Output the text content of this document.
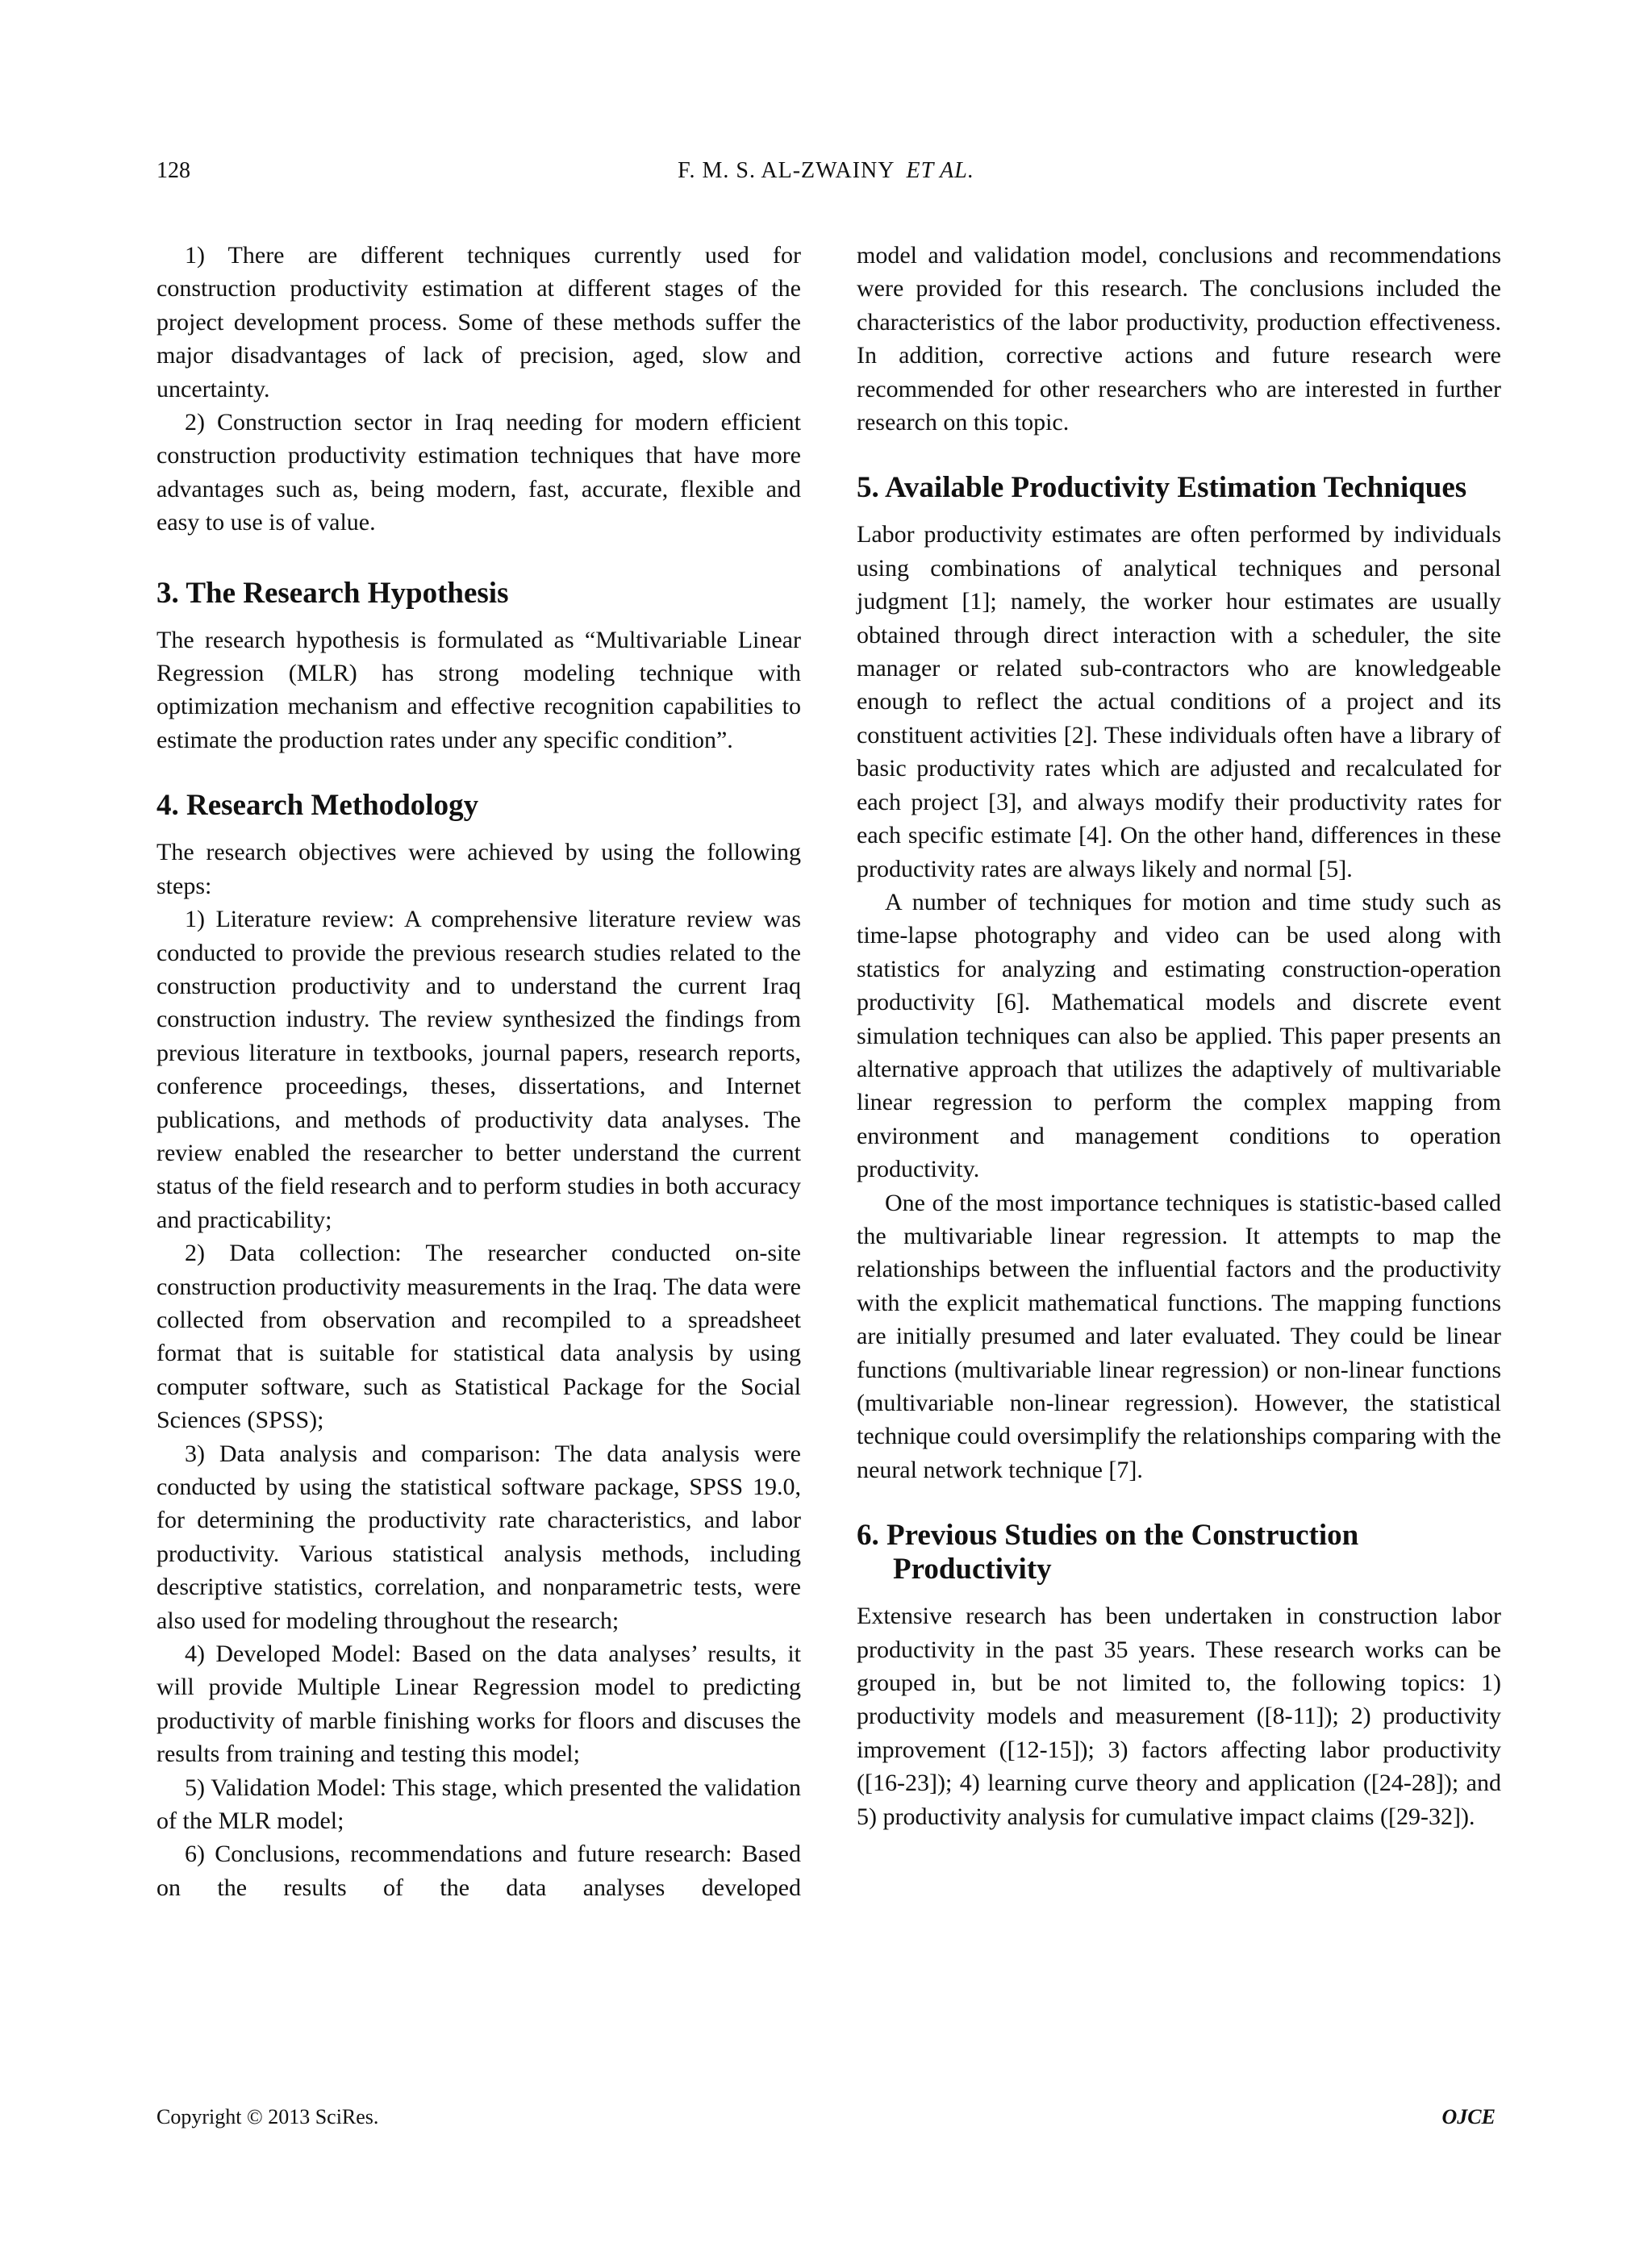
128	F. M. S. AL-ZWAINY ET AL.

1) There are different techniques currently used for construction productivity estimation at different stages of the project development process. Some of these methods suffer the major disadvantages of lack of precision, aged, slow and uncertainty.

2) Construction sector in Iraq needing for modern efficient construction productivity estimation techniques that have more advantages such as, being modern, fast, accurate, flexible and easy to use is of value.

3. The Research Hypothesis

The research hypothesis is formulated as “Multivariable Linear Regression (MLR) has strong modeling technique with optimization mechanism and effective recognition capabilities to estimate the production rates under any specific condition”.

4. Research Methodology

The research objectives were achieved by using the following steps:

1) Literature review: A comprehensive literature review was conducted to provide the previous research studies related to the construction productivity and to understand the current Iraq construction industry. The review synthesized the findings from previous literature in textbooks, journal papers, research reports, conference proceedings, theses, dissertations, and Internet publications, and methods of productivity data analyses. The review enabled the researcher to better understand the current status of the field research and to perform studies in both accuracy and practicability;

2) Data collection: The researcher conducted on-site construction productivity measurements in the Iraq. The data were collected from observation and recompiled to a spreadsheet format that is suitable for statistical data analysis by using computer software, such as Statistical Package for the Social Sciences (SPSS);

3) Data analysis and comparison: The data analysis were conducted by using the statistical software package, SPSS 19.0, for determining the productivity rate characteristics, and labor productivity. Various statistical analysis methods, including descriptive statistics, correlation, and nonparametric tests, were also used for modeling throughout the research;

4) Developed Model: Based on the data analyses’ results, it will provide Multiple Linear Regression model to predicting productivity of marble finishing works for floors and discuses the results from training and testing this model;

5) Validation Model: This stage, which presented the validation of the MLR model;

6) Conclusions, recommendations and future research: Based on the results of the data analyses developed

model and validation model, conclusions and recommendations were provided for this research. The conclusions included the characteristics of the labor productivity, production effectiveness. In addition, corrective actions and future research were recommended for other researchers who are interested in further research on this topic.

5. Available Productivity Estimation Techniques

Labor productivity estimates are often performed by individuals using combinations of analytical techniques and personal judgment [1]; namely, the worker hour estimates are usually obtained through direct interaction with a scheduler, the site manager or related sub-contractors who are knowledgeable enough to reflect the actual conditions of a project and its constituent activities [2]. These individuals often have a library of basic productivity rates which are adjusted and recalculated for each project [3], and always modify their productivity rates for each specific estimate [4]. On the other hand, differences in these productivity rates are always likely and normal [5].

A number of techniques for motion and time study such as time-lapse photography and video can be used along with statistics for analyzing and estimating construction-operation productivity [6]. Mathematical models and discrete event simulation techniques can also be applied. This paper presents an alternative approach that utilizes the adaptively of multivariable linear regression to perform the complex mapping from environment and management conditions to operation productivity.

One of the most importance techniques is statistic-based called the multivariable linear regression. It attempts to map the relationships between the influential factors and the productivity with the explicit mathematical functions. The mapping functions are initially presumed and later evaluated. They could be linear functions (multivariable linear regression) or non-linear functions (multivariable non-linear regression). However, the statistical technique could oversimplify the relationships comparing with the neural network technique [7].

6. Previous Studies on the Construction Productivity

Extensive research has been undertaken in construction labor productivity in the past 35 years. These research works can be grouped in, but be not limited to, the following topics: 1) productivity models and measurement ([8-11]); 2) productivity improvement ([12-15]); 3) factors affecting labor productivity ([16-23]); 4) learning curve theory and application ([24-28]); and 5) productivity analysis for cumulative impact claims ([29-32]).

Copyright © 2013 SciRes.	OJCE
